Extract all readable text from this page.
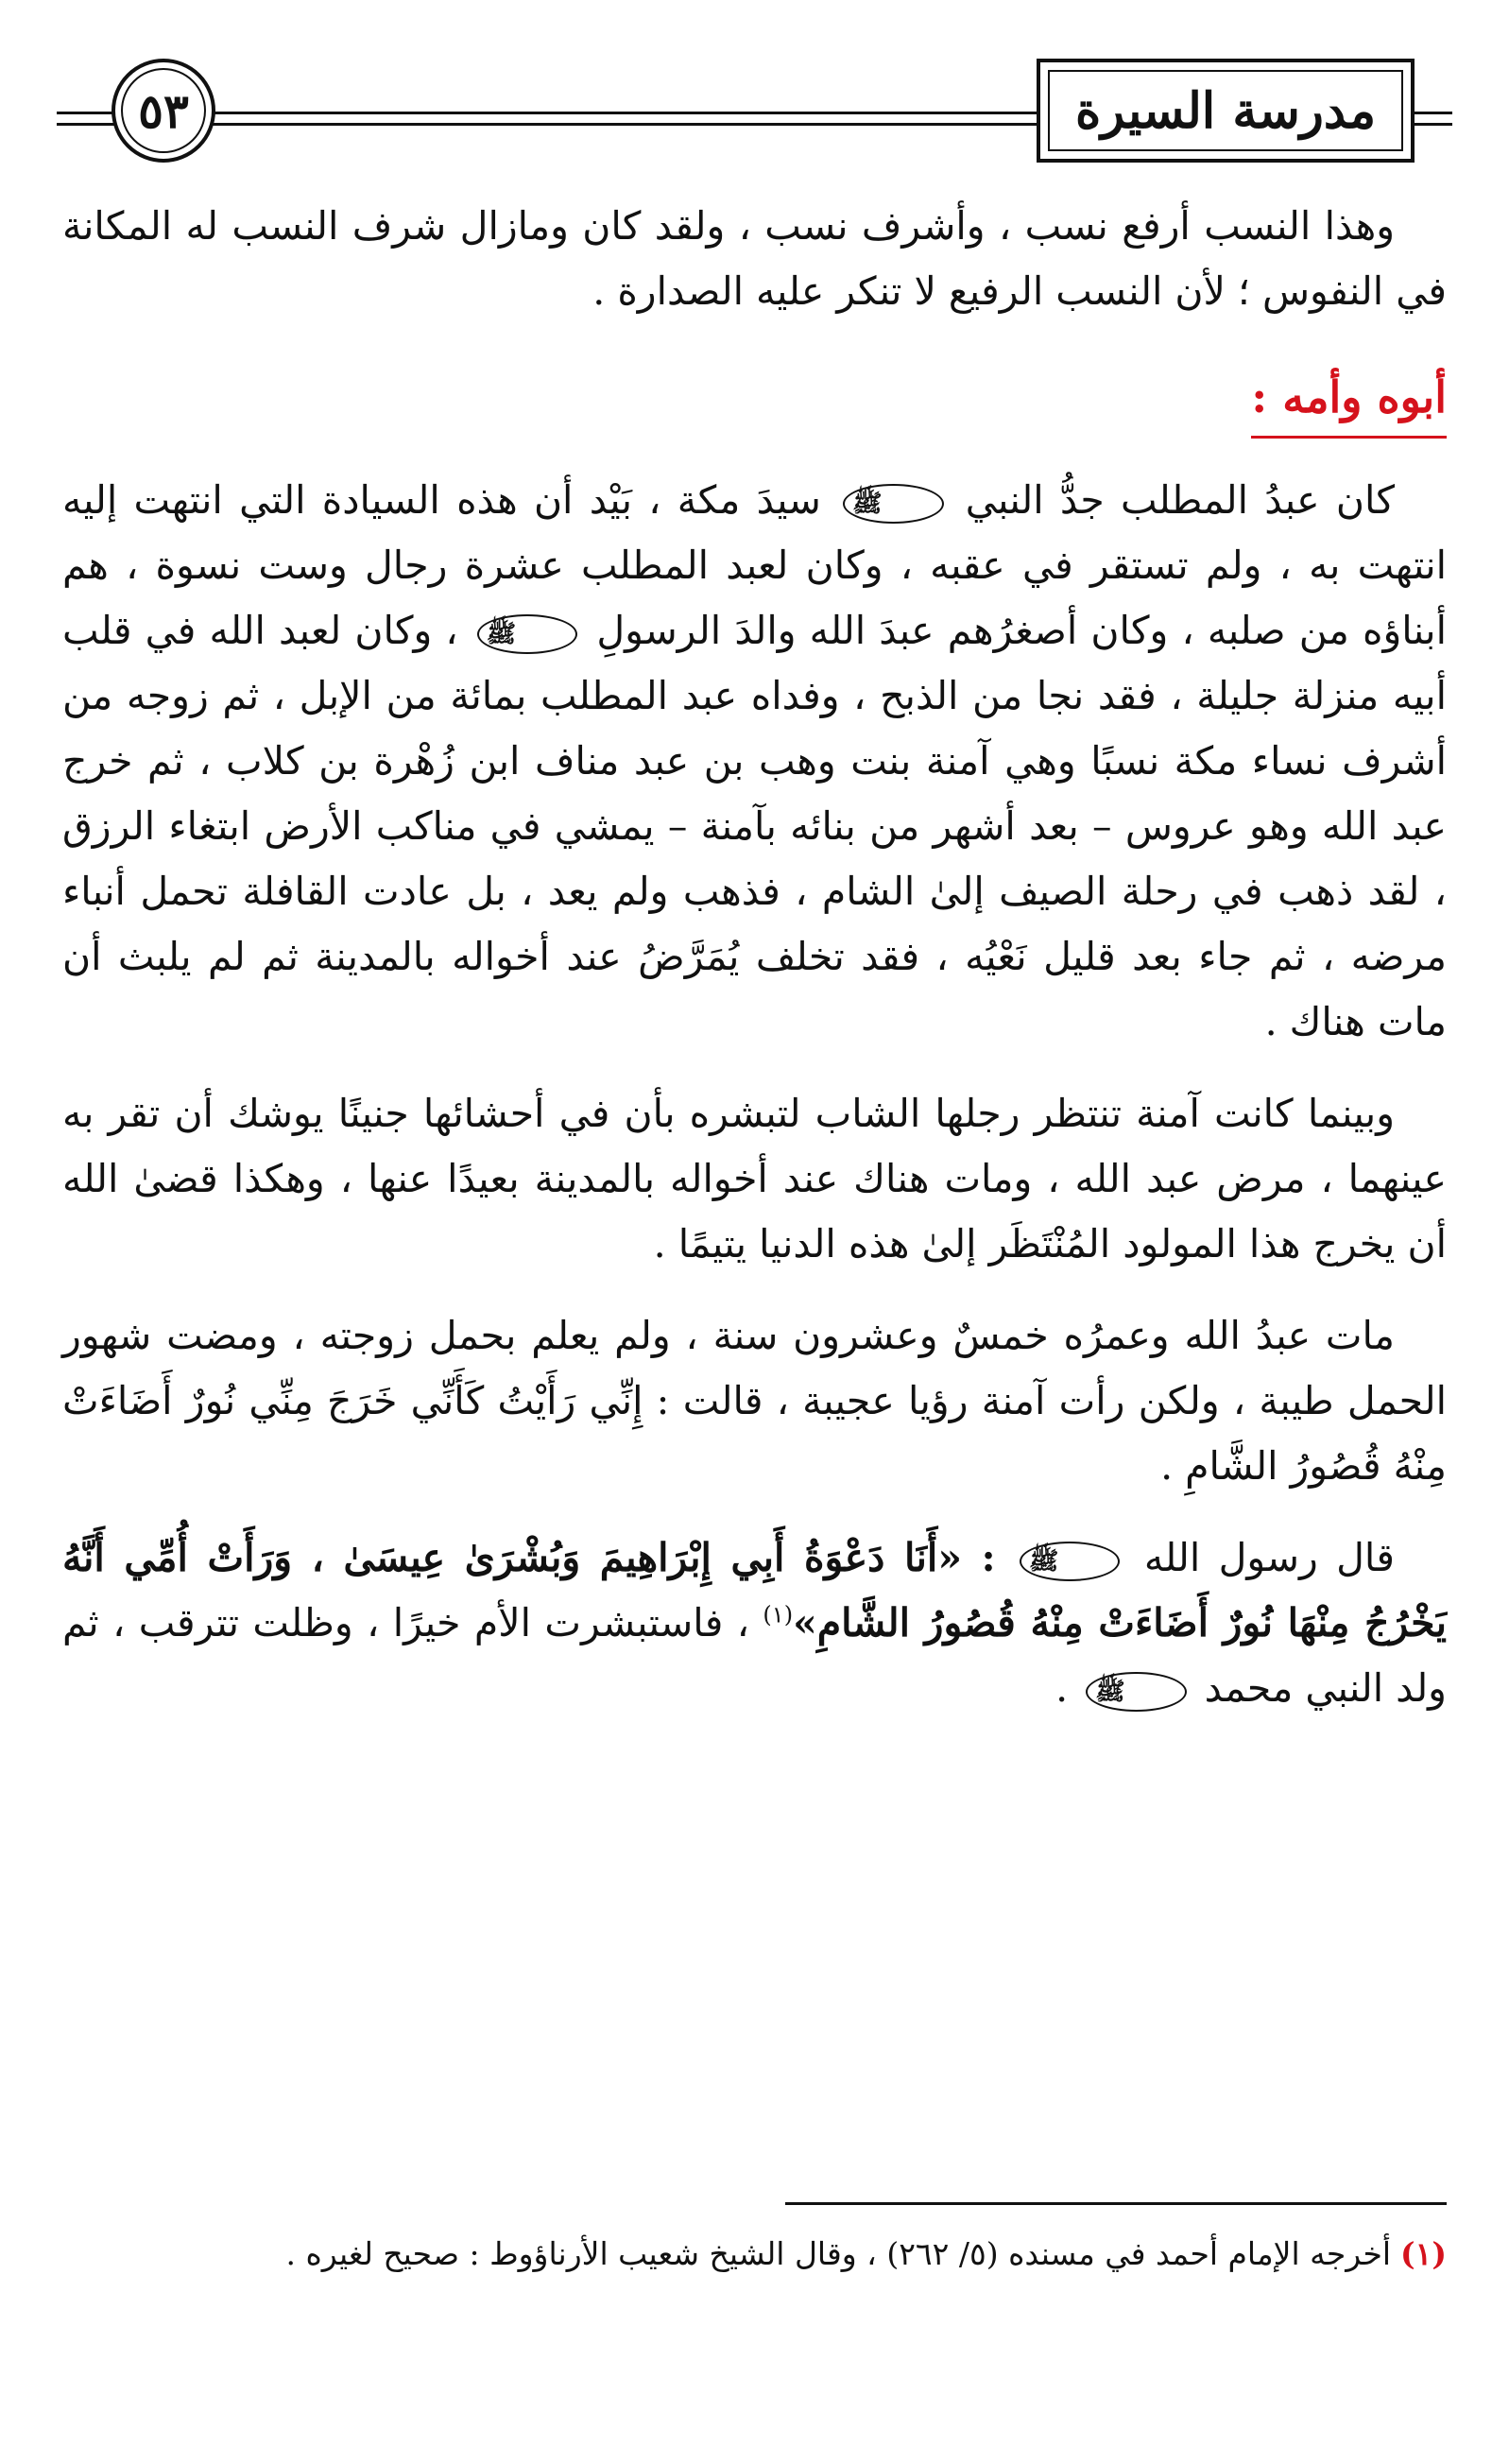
٥٣	مدرسة السيرة

وهذا النسب أرفع نسب ، وأشرف نسب ، ولقد كان ومازال شرف النسب له المكانة في النفوس ؛ لأن النسب الرفيع لا تنكر عليه الصدارة .

أبوه وأمه :

كان عبدُ المطلب جدُّ النبي ﷺ سيدَ مكة ، بَيْد أن هذه السيادة التي انتهت إليه انتهت به ، ولم تستقر في عقبه ، وكان لعبد المطلب عشرة رجال وست نسوة ، هم أبناؤه من صلبه ، وكان أصغرُهم عبدَ الله والدَ الرسولِ ﷺ ، وكان لعبد الله في قلب أبيه منزلة جليلة ، فقد نجا من الذبح ، وفداه عبد المطلب بمائة من الإبل ، ثم زوجه من أشرف نساء مكة نسبًا وهي آمنة بنت وهب بن عبد مناف ابن زُهْرة بن كلاب ، ثم خرج عبد الله وهو عروس – بعد أشهر من بنائه بآمنة – يمشي في مناكب الأرض ابتغاء الرزق ، لقد ذهب في رحلة الصيف إلىٰ الشام ، فذهب ولم يعد ، بل عادت القافلة تحمل أنباء مرضه ، ثم جاء بعد قليل نَعْيُه ، فقد تخلف يُمَرَّضُ عند أخواله بالمدينة ثم لم يلبث أن مات هناك .

وبينما كانت آمنة تنتظر رجلها الشاب لتبشره بأن في أحشائها جنينًا يوشك أن تقر به عينهما ، مرض عبد الله ، ومات هناك عند أخواله بالمدينة بعيدًا عنها ، وهكذا قضىٰ الله أن يخرج هذا المولود المُنْتَظَر إلىٰ هذه الدنيا يتيمًا .

مات عبدُ الله وعمرُه خمسٌ وعشرون سنة ، ولم يعلم بحمل زوجته ، ومضت شهور الحمل طيبة ، ولكن رأت آمنة رؤيا عجيبة ، قالت : إِنِّي رَأَيْتُ كَأَنِّي خَرَجَ مِنِّي نُورٌ أَضَاءَتْ مِنْهُ قُصُورُ الشَّامِ .

قال رسول الله ﷺ : «أَنَا دَعْوَةُ أَبِي إِبْرَاهِيمَ وَبُشْرَىٰ عِيسَىٰ ، وَرَأَتْ أُمِّي أَنَّهُ يَخْرُجُ مِنْهَا نُورٌ أَضَاءَتْ مِنْهُ قُصُورُ الشَّامِ»$^{(١)}$ ، فاستبشرت الأم خيرًا ، وظلت تترقب ، ثم ولد النبي محمد ﷺ .

(١)أخرجه الإمام أحمد في مسنده (٥/ ٢٦٢) ، وقال الشيخ شعيب الأرناؤوط : صحيح لغيره .
